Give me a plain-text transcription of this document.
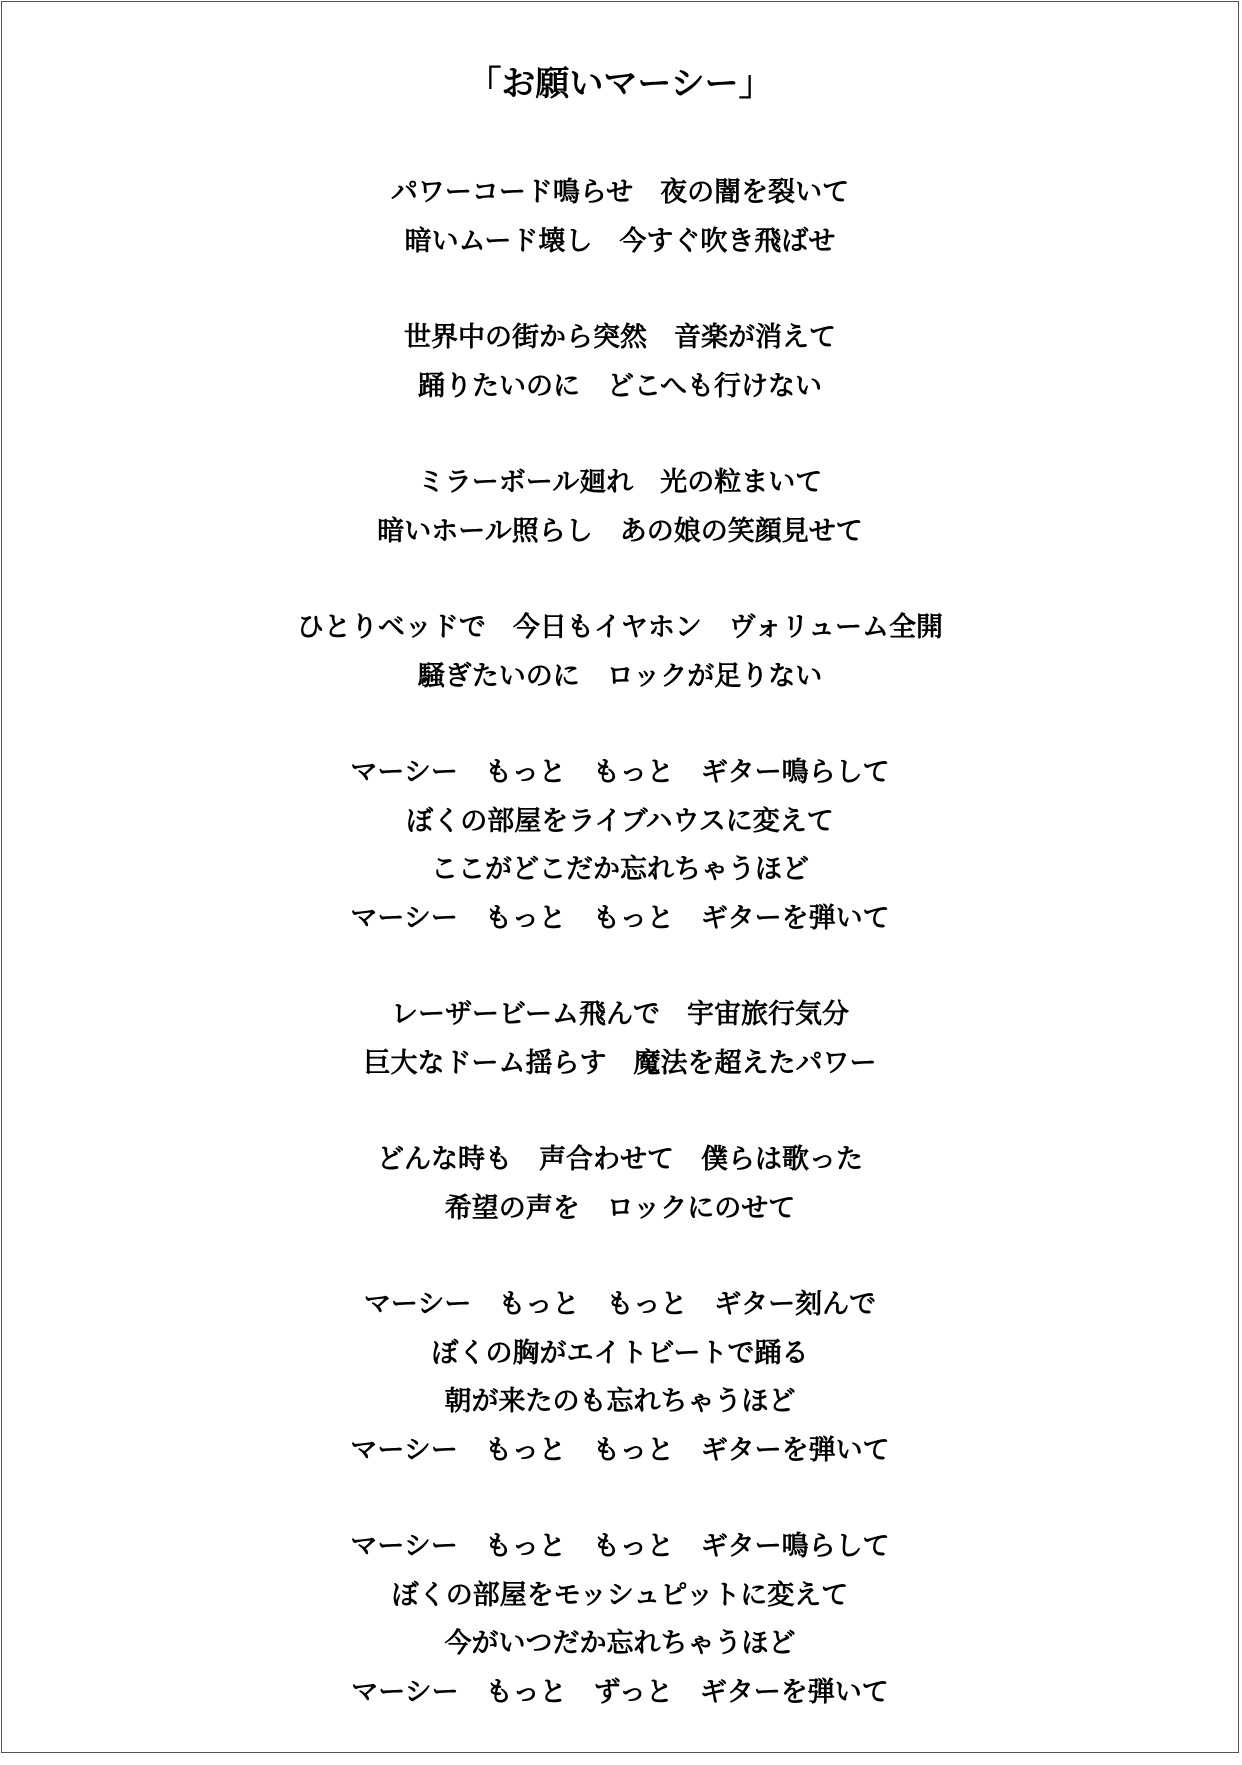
「お願いマーシー」
パワーコード鳴らせ　夜の闇を裂いて
暗いムード壊し　今すぐ吹き飛ばせ
世界中の街から突然　音楽が消えて
踊りたいのに　どこへも行けない
ミラーボール廻れ　光の粒まいて
暗いホール照らし　あの娘の笑顔見せて
ひとりベッドで　今日もイヤホン　ヴォリューム全開
騒ぎたいのに　ロックが足りない
マーシー　もっと　もっと　ギター鳴らして
ぼくの部屋をライブハウスに変えて
ここがどこだか忘れちゃうほど
マーシー　もっと　もっと　ギターを弾いて
レーザービーム飛んで　宇宙旅行気分
巨大なドーム揺らす　魔法を超えたパワー
どんな時も　声合わせて　僕らは歌った
希望の声を　ロックにのせて
マーシー　もっと　もっと　ギター刻んで
ぼくの胸がエイトビートで踊る
朝が来たのも忘れちゃうほど
マーシー　もっと　もっと　ギターを弾いて
マーシー　もっと　もっと　ギター鳴らして
ぼくの部屋をモッシュピットに変えて
今がいつだか忘れちゃうほど
マーシー　もっと　ずっと　ギターを弾いて
